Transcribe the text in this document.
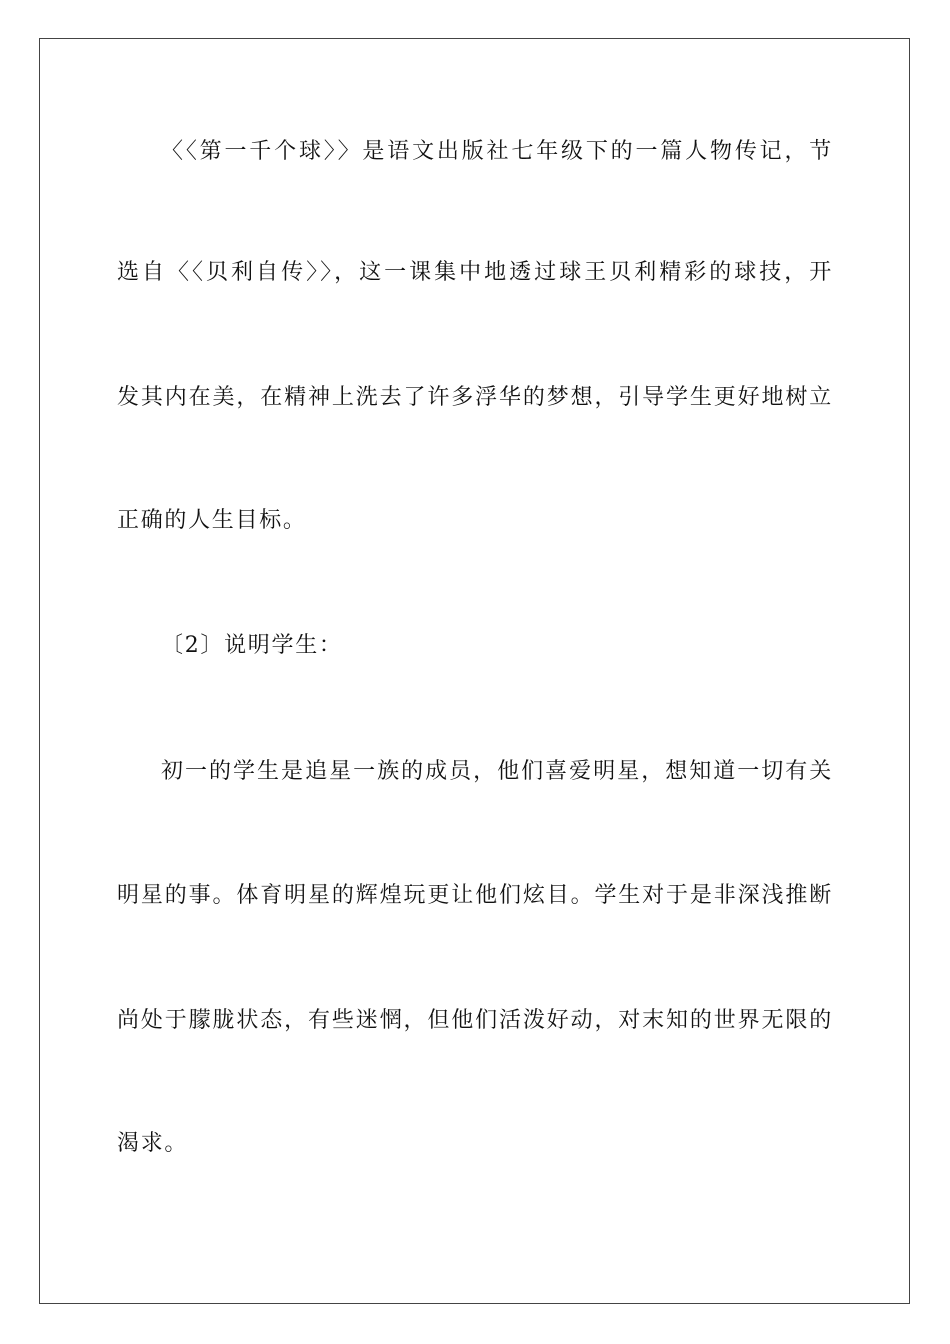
〈〈第一千个球〉〉是语文出版社七年级下的一篇人物传记，节
选自〈〈贝利自传〉〉，这一课集中地透过球王贝利精彩的球技，开
发其内在美，在精神上洗去了许多浮华的梦想，引导学生更好地树立
正确的人生目标。
〔2〕说明学生：
初一的学生是追星一族的成员，他们喜爱明星，想知道一切有关
明星的事。体育明星的辉煌玩更让他们炫目。学生对于是非深浅推断
尚处于朦胧状态，有些迷惘，但他们活泼好动，对末知的世界无限的
渴求。
